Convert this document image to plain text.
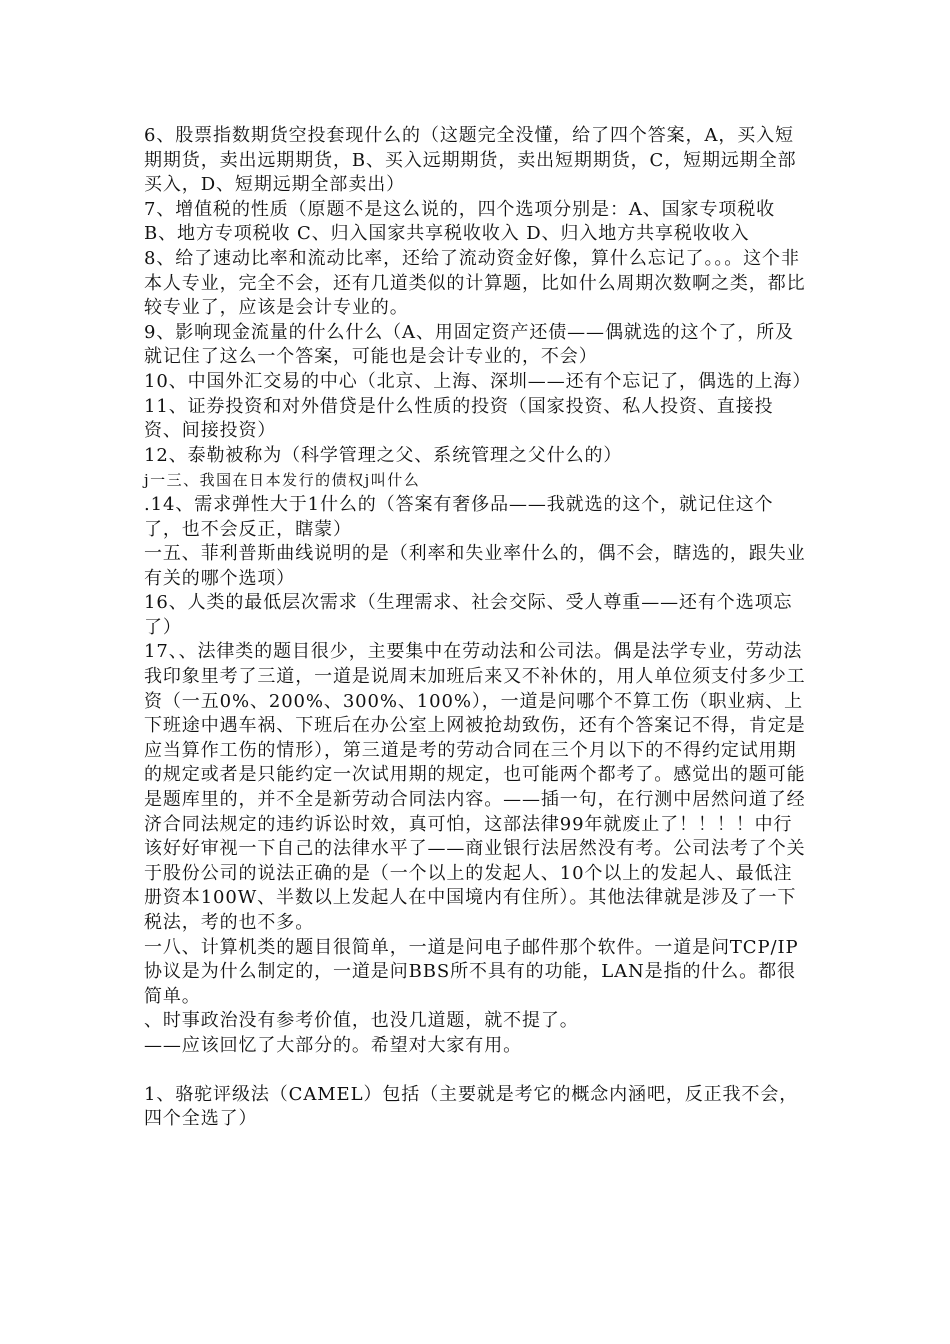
6、股票指数期货空投套现什么的（这题完全没懂，给了四个答案，A，买入短期期货，卖出远期期货，B、买入远期期货，卖出短期期货，C，短期远期全部买入，D、短期远期全部卖出）

7、增值税的性质（原题不是这么说的，四个选项分别是：A、国家专项税收 B、地方专项税收 C、归入国家共享税收收入 D、归入地方共享税收收入

8、给了速动比率和流动比率，还给了流动资金好像，算什么忘记了。。。这个非本人专业，完全不会，还有几道类似的计算题，比如什么周期次数啊之类，都比较专业了，应该是会计专业的。

9、影响现金流量的什么什么（A、用固定资产还债——偶就选的这个了，所及就记住了这么一个答案，可能也是会计专业的，不会）

10、中国外汇交易的中心（北京、上海、深圳——还有个忘记了，偶选的上海）

11、证券投资和对外借贷是什么性质的投资（国家投资、私人投资、直接投资、间接投资）

12、泰勒被称为（科学管理之父、系统管理之父什么的）

j一三、我国在日本发行的债权j叫什么

.14、需求弹性大于1什么的（答案有奢侈品——我就选的这个，就记住这个了，也不会反正，瞎蒙）

一五、菲利普斯曲线说明的是（利率和失业率什么的，偶不会，瞎选的，跟失业有关的哪个选项）

16、人类的最低层次需求（生理需求、社会交际、受人尊重——还有个选项忘了）

17、、法律类的题目很少，主要集中在劳动法和公司法。偶是法学专业，劳动法我印象里考了三道，一道是说周末加班后来又不补休的，用人单位须支付多少工资（一五0%、200%、300%、100%），一道是问哪个不算工伤（职业病、上下班途中遇车祸、下班后在办公室上网被抢劫致伤，还有个答案记不得，肯定是应当算作工伤的情形），第三道是考的劳动合同在三个月以下的不得约定试用期的规定或者是只能约定一次试用期的规定，也可能两个都考了。感觉出的题可能是题库里的，并不全是新劳动合同法内容。——插一句，在行测中居然问道了经济合同法规定的违约诉讼时效，真可怕，这部法律99年就废止了！！！！中行该好好审视一下自己的法律水平了——商业银行法居然没有考。公司法考了个关于股份公司的说法正确的是（一个以上的发起人、10个以上的发起人、最低注册资本100W、半数以上发起人在中国境内有住所）。其他法律就是涉及了一下税法，考的也不多。

一八、计算机类的题目很简单，一道是问电子邮件那个软件。一道是问TCP/IP协议是为什么制定的，一道是问BBS所不具有的功能，LAN是指的什么。都很简单。

、时事政治没有参考价值，也没几道题，就不提了。

——应该回忆了大部分的。希望对大家有用。

1、骆驼评级法（CAMEL）包括（主要就是考它的概念内涵吧，反正我不会，四个全选了）
